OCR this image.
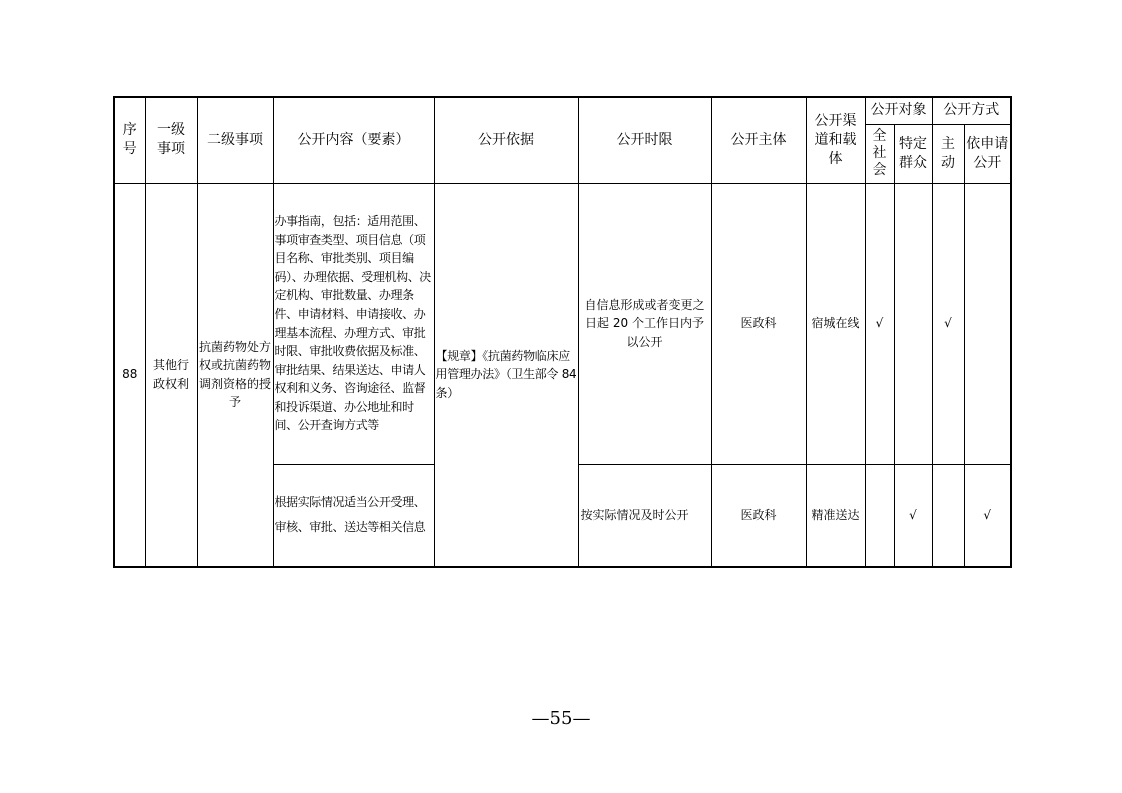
序号	一级事项	二级事项	公开内容（要素）	公开依据	公开时限	公开主体	公开渠道和载体	公开对象		公开方式	
								全社会	特定群众	主动	依申请公开
88	其他行政权利	抗菌药物处方权或抗菌药物调剂资格的授予	办事指南，包括：适用范围、事项审查类型、项目信息（项目名称、审批类别、项目编码）、办理依据、受理机构、决定机构、审批数量、办理条件、申请材料、申请接收、办理基本流程、办理方式、审批时限、审批收费依据及标准、审批结果、结果送达、申请人权利和义务、咨询途径、监督和投诉渠道、办公地址和时间、公开查询方式等	【规章】《抗菌药物临床应用管理办法》（卫生部令 84 条）	自信息形成或者变更之日起 20 个工作日内予以公开	医政科	宿城在线	√		√	
			根据实际情况适当公开受理、审核、审批、送达等相关信息		按实际情况及时公开	医政科	精准送达		√		√
—55—
